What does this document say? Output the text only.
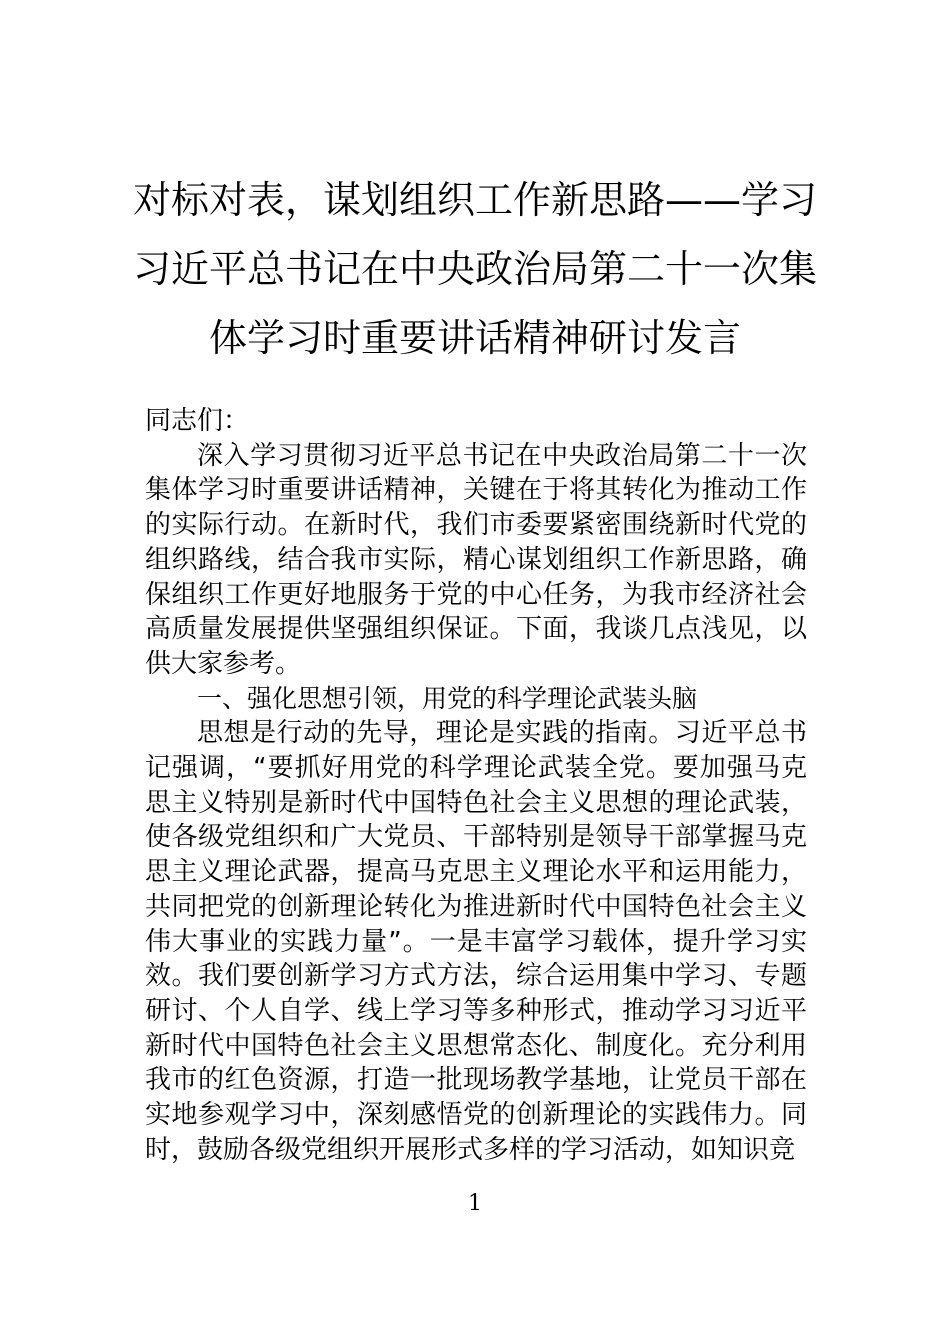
对标对表，谋划组织工作新思路——学习
习近平总书记在中央政治局第二十一次集
体学习时重要讲话精神研讨发言

同志们：

深入学习贯彻习近平总书记在中央政治局第二十一次集体学习时重要讲话精神，关键在于将其转化为推动工作的实际行动。在新时代，我们市委要紧密围绕新时代党的组织路线，结合我市实际，精心谋划组织工作新思路，确保组织工作更好地服务于党的中心任务，为我市经济社会高质量发展提供坚强组织保证。下面，我谈几点浅见，以供大家参考。

一、强化思想引领，用党的科学理论武装头脑

思想是行动的先导，理论是实践的指南。习近平总书记强调，“要抓好用党的科学理论武装全党。要加强马克思主义特别是新时代中国特色社会主义思想的理论武装，使各级党组织和广大党员、干部特别是领导干部掌握马克思主义理论武器，提高马克思主义理论水平和运用能力，共同把党的创新理论转化为推进新时代中国特色社会主义伟大事业的实践力量”。一是丰富学习载体，提升学习实效。我们要创新学习方式方法，综合运用集中学习、专题研讨、个人自学、线上学习等多种形式，推动学习习近平新时代中国特色社会主义思想常态化、制度化。充分利用我市的红色资源，打造一批现场教学基地，让党员干部在实地参观学习中，深刻感悟党的创新理论的实践伟力。同时，鼓励各级党组织开展形式多样的学习活动，如知识竞

1
